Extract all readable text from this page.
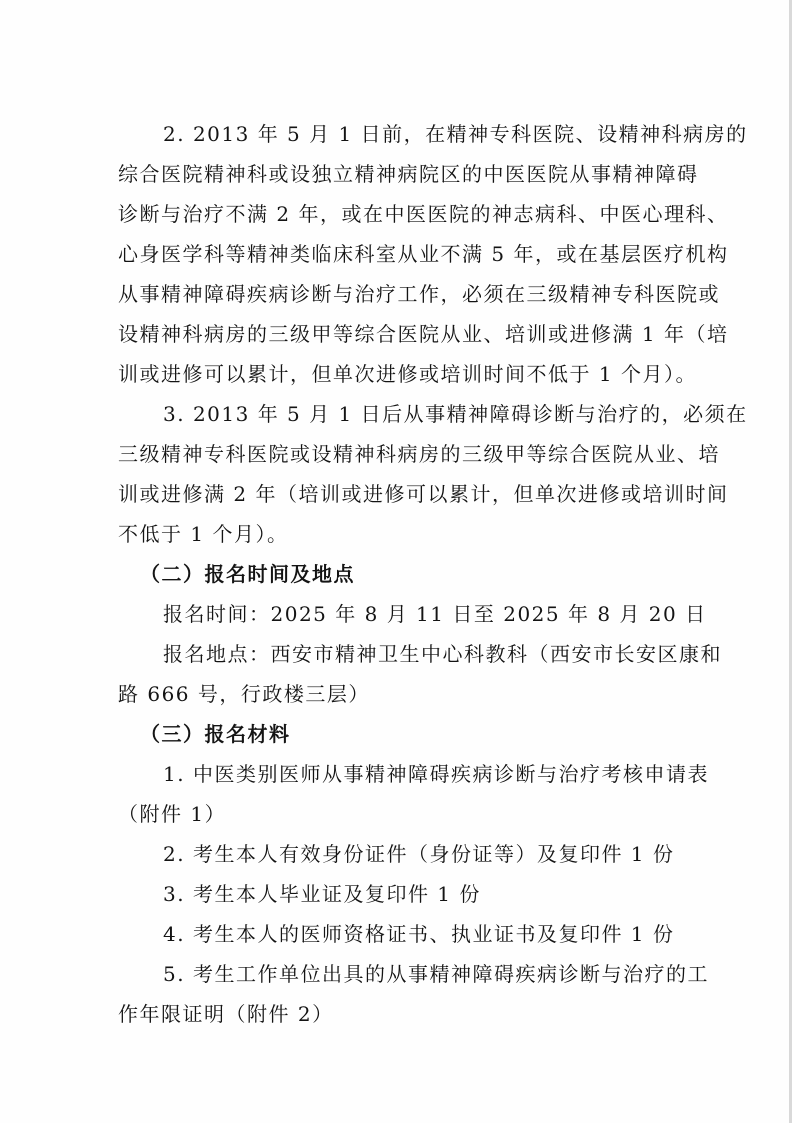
2. 2013 年 5 月 1 日前，在精神专科医院、设精神科病房的
综合医院精神科或设独立精神病院区的中医医院从事精神障碍
诊断与治疗不满 2 年，或在中医医院的神志病科、中医心理科、
心身医学科等精神类临床科室从业不满 5 年，或在基层医疗机构
从事精神障碍疾病诊断与治疗工作，必须在三级精神专科医院或
设精神科病房的三级甲等综合医院从业、培训或进修满 1 年（培
训或进修可以累计，但单次进修或培训时间不低于 1 个月）。
3. 2013 年 5 月 1 日后从事精神障碍诊断与治疗的，必须在
三级精神专科医院或设精神科病房的三级甲等综合医院从业、培
训或进修满 2 年（培训或进修可以累计，但单次进修或培训时间
不低于 1 个月）。
（二）报名时间及地点
报名时间：2025 年 8 月 11 日至 2025 年 8 月 20 日
报名地点：西安市精神卫生中心科教科（西安市长安区康和
路 666 号，行政楼三层）
（三）报名材料
1. 中医类别医师从事精神障碍疾病诊断与治疗考核申请表
（附件 1）
2. 考生本人有效身份证件（身份证等）及复印件 1 份
3. 考生本人毕业证及复印件 1 份
4. 考生本人的医师资格证书、执业证书及复印件 1 份
5. 考生工作单位出具的从事精神障碍疾病诊断与治疗的工
作年限证明（附件 2）
